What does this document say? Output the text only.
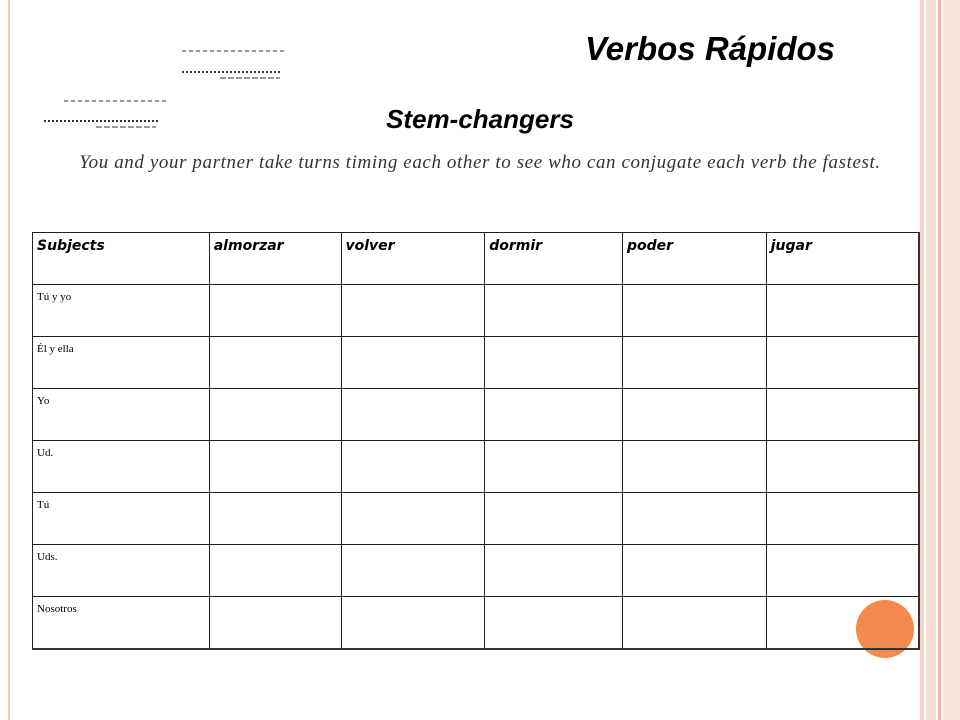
Verbos Rápidos
Stem-changers
You and your partner take turns timing each other to see who can conjugate each verb the fastest.
Subjects	almorzar	volver	dormir	poder	jugar
Tú y yo					
Él y ella					
Yo					
Ud.					
Tú					
Uds.					
Nosotros					
